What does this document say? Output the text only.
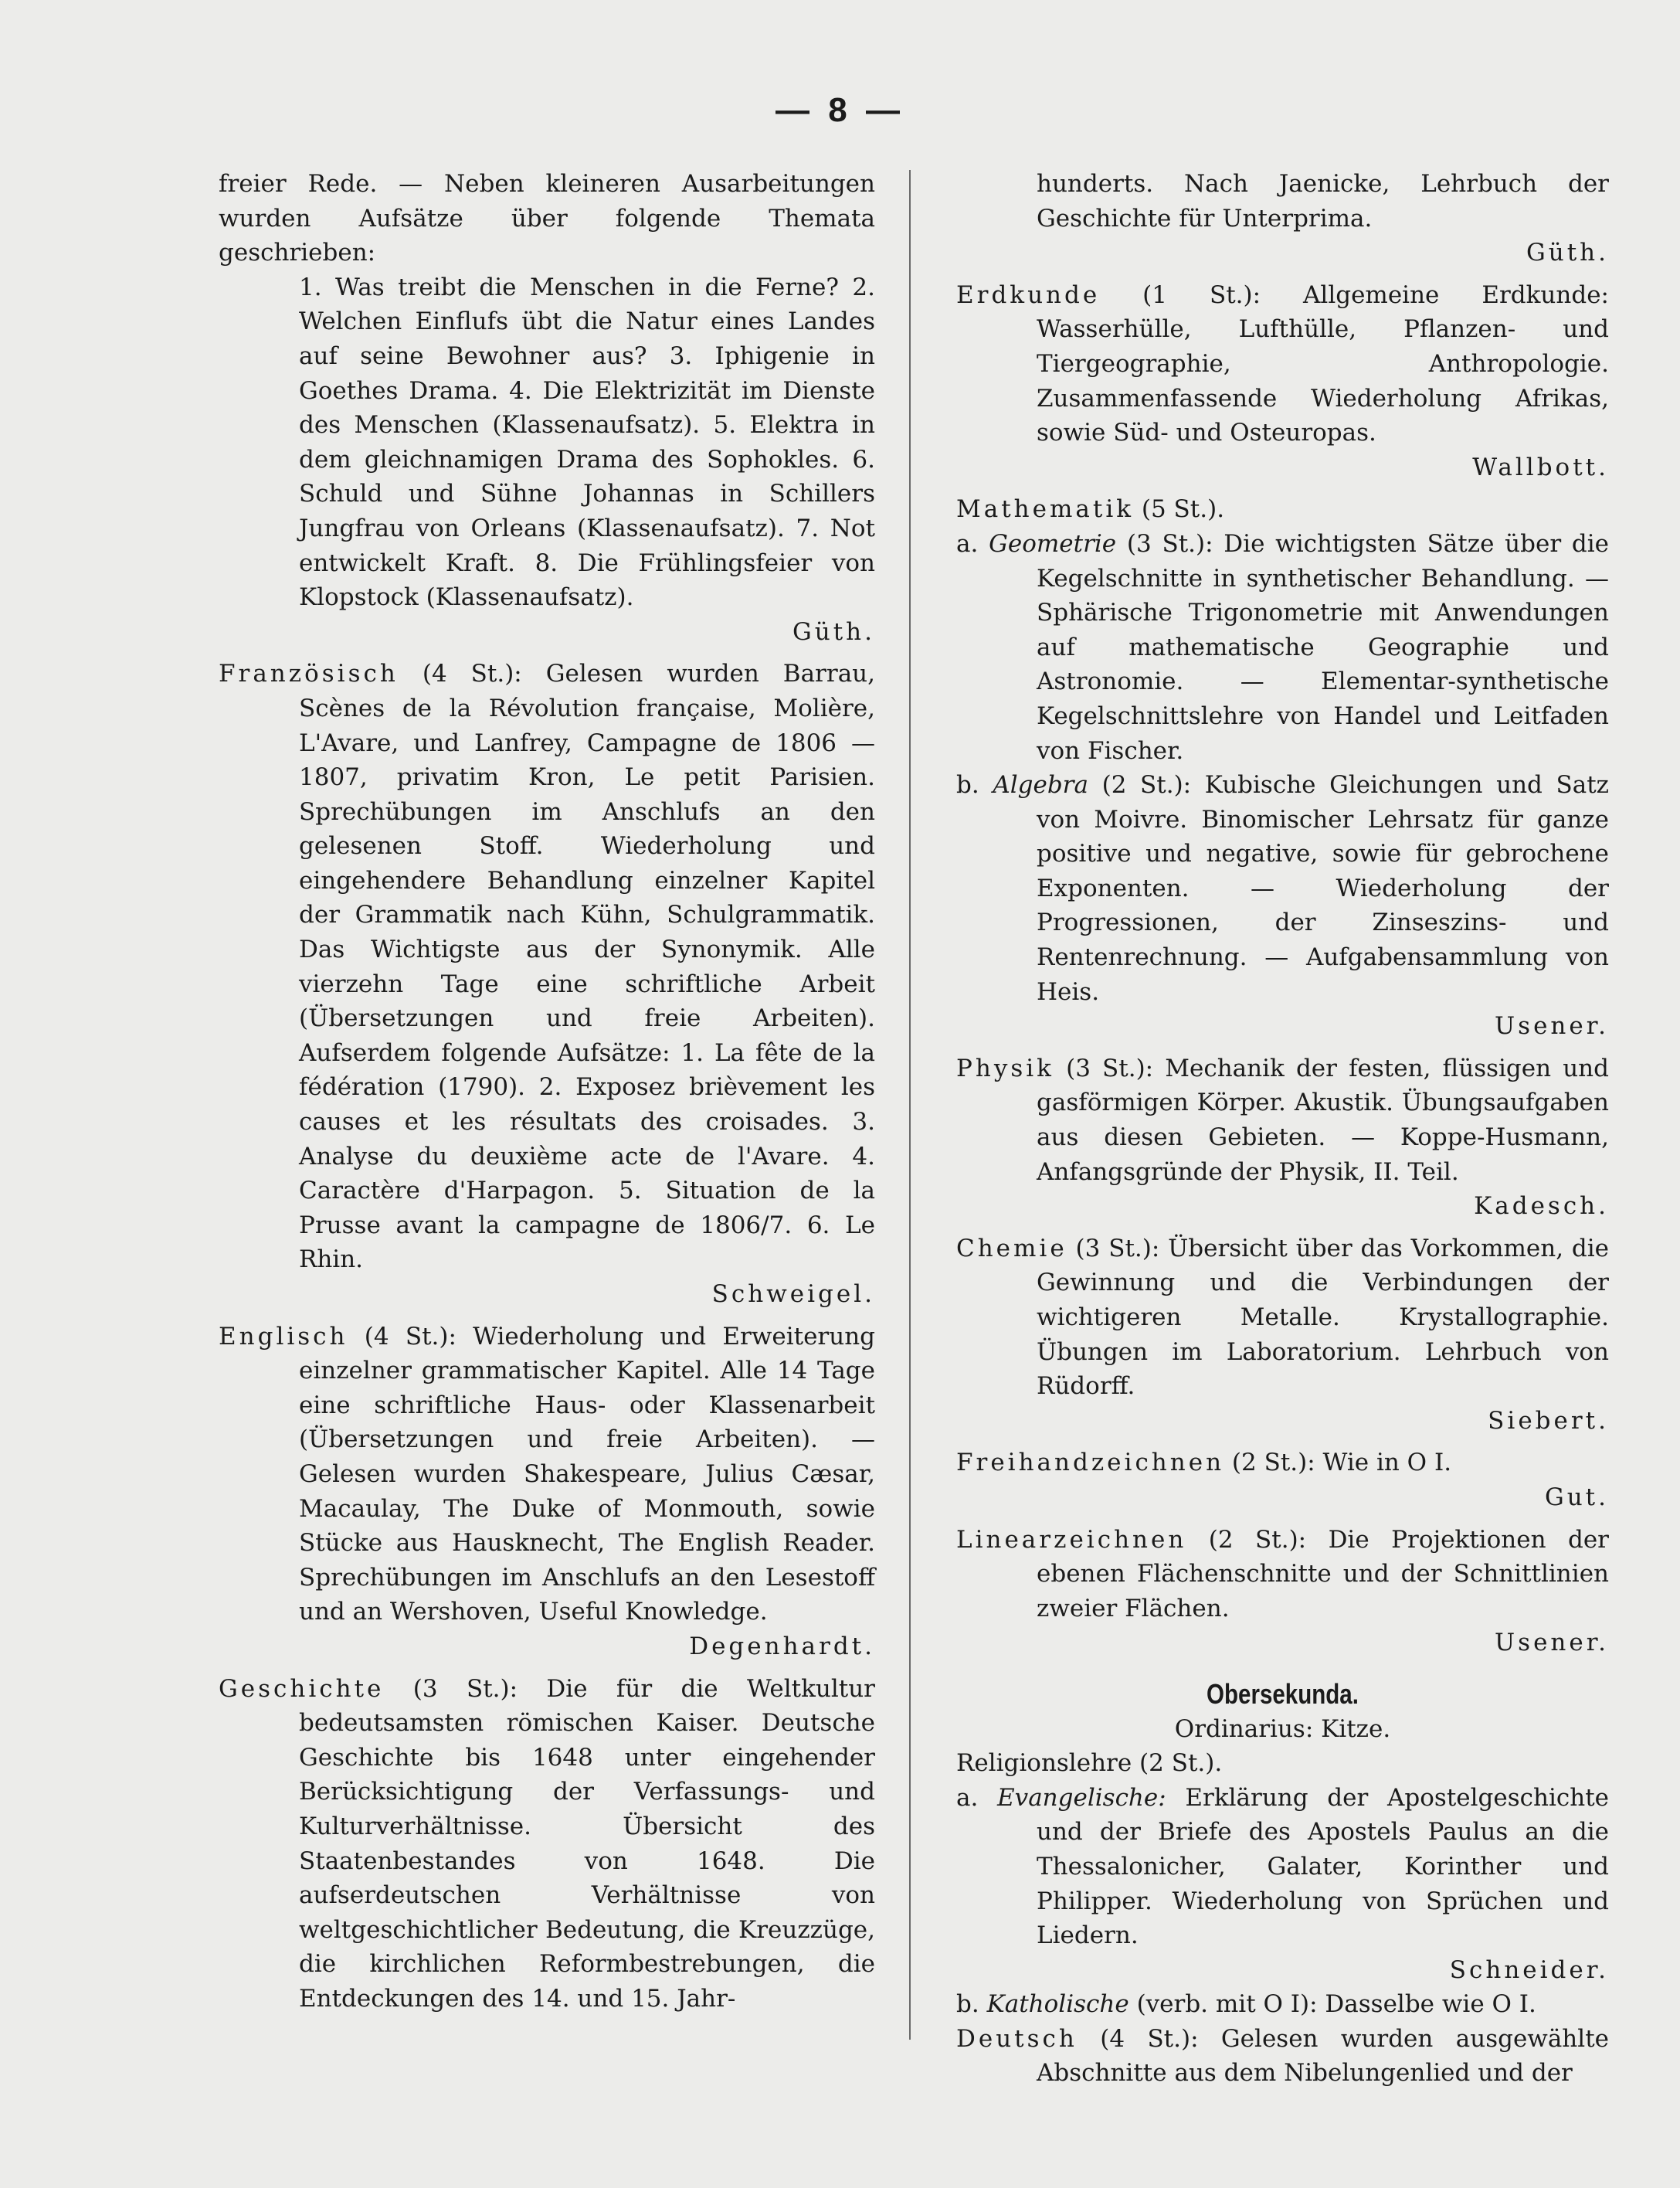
— 8 —

freier Rede. — Neben kleineren Ausarbeitungen wurden Aufsätze über folgende Themata geschrieben:

1. Was treibt die Menschen in die Ferne? 2. Welchen Einflufs übt die Natur eines Landes auf seine Bewohner aus? 3. Iphigenie in Goethes Drama. 4. Die Elektrizität im Dienste des Menschen (Klassenaufsatz). 5. Elektra in dem gleichnamigen Drama des Sophokles. 6. Schuld und Sühne Johannas in Schillers Jungfrau von Orleans (Klassenaufsatz). 7. Not entwickelt Kraft. 8. Die Frühlingsfeier von Klopstock (Klassenaufsatz).

Güth.

Französisch (4 St.): Gelesen wurden Barrau, Scènes de la Révolution française, Molière, L'Avare, und Lanfrey, Campagne de 1806 — 1807, privatim Kron, Le petit Parisien. Sprechübungen im Anschlufs an den gelesenen Stoff. Wiederholung und eingehendere Behandlung einzelner Kapitel der Grammatik nach Kühn, Schulgrammatik. Das Wichtigste aus der Synonymik. Alle vierzehn Tage eine schriftliche Arbeit (Übersetzungen und freie Arbeiten). Aufserdem folgende Aufsätze: 1. La fête de la fédération (1790). 2. Exposez brièvement les causes et les résultats des croisades. 3. Analyse du deuxième acte de l'Avare. 4. Caractère d'Harpagon. 5. Situation de la Prusse avant la campagne de 1806/7. 6. Le Rhin.

Schweigel.

Englisch (4 St.): Wiederholung und Erweiterung einzelner grammatischer Kapitel. Alle 14 Tage eine schriftliche Haus- oder Klassenarbeit (Übersetzungen und freie Arbeiten). — Gelesen wurden Shakespeare, Julius Cæsar, Macaulay, The Duke of Monmouth, sowie Stücke aus Hausknecht, The English Reader. Sprechübungen im Anschlufs an den Lesestoff und an Wershoven, Useful Knowledge.

Degenhardt.

Geschichte (3 St.): Die für die Weltkultur bedeutsamsten römischen Kaiser. Deutsche Geschichte bis 1648 unter eingehender Berücksichtigung der Verfassungs- und Kulturverhältnisse. Übersicht des Staatenbestandes von 1648. Die aufserdeutschen Verhältnisse von weltgeschichtlicher Bedeutung, die Kreuzzüge, die kirchlichen Reformbestrebungen, die Entdeckungen des 14. und 15. Jahr-

hunderts. Nach Jaenicke, Lehrbuch der Geschichte für Unterprima.

Güth.

Erdkunde (1 St.): Allgemeine Erdkunde: Wasserhülle, Lufthülle, Pflanzen- und Tiergeographie, Anthropologie. Zusammenfassende Wiederholung Afrikas, sowie Süd- und Osteuropas.

Wallbott.

Mathematik (5 St.).

a. Geometrie (3 St.): Die wichtigsten Sätze über die Kegelschnitte in synthetischer Behandlung. — Sphärische Trigonometrie mit Anwendungen auf mathematische Geographie und Astronomie. — Elementar-synthetische Kegelschnittslehre von Handel und Leitfaden von Fischer.

b. Algebra (2 St.): Kubische Gleichungen und Satz von Moivre. Binomischer Lehrsatz für ganze positive und negative, sowie für gebrochene Exponenten. — Wiederholung der Progressionen, der Zinseszins- und Rentenrechnung. — Aufgabensammlung von Heis.

Usener.

Physik (3 St.): Mechanik der festen, flüssigen und gasförmigen Körper. Akustik. Übungsaufgaben aus diesen Gebieten. — Koppe-Husmann, Anfangsgründe der Physik, II. Teil.

Kadesch.

Chemie (3 St.): Übersicht über das Vorkommen, die Gewinnung und die Verbindungen der wichtigeren Metalle. Krystallographie. Übungen im Laboratorium. Lehrbuch von Rüdorff.

Siebert.

Freihandzeichnen (2 St.): Wie in O I.

Gut.

Linearzeichnen (2 St.): Die Projektionen der ebenen Flächenschnitte und der Schnittlinien zweier Flächen.

Usener.

Obersekunda.

Ordinarius: Kitze.

Religionslehre (2 St.).

a. Evangelische: Erklärung der Apostelgeschichte und der Briefe des Apostels Paulus an die Thessalonicher, Galater, Korinther und Philipper. Wiederholung von Sprüchen und Liedern.

Schneider.

b. Katholische (verb. mit O I): Dasselbe wie O I.

Deutsch (4 St.): Gelesen wurden ausgewählte Abschnitte aus dem Nibelungenlied und der
